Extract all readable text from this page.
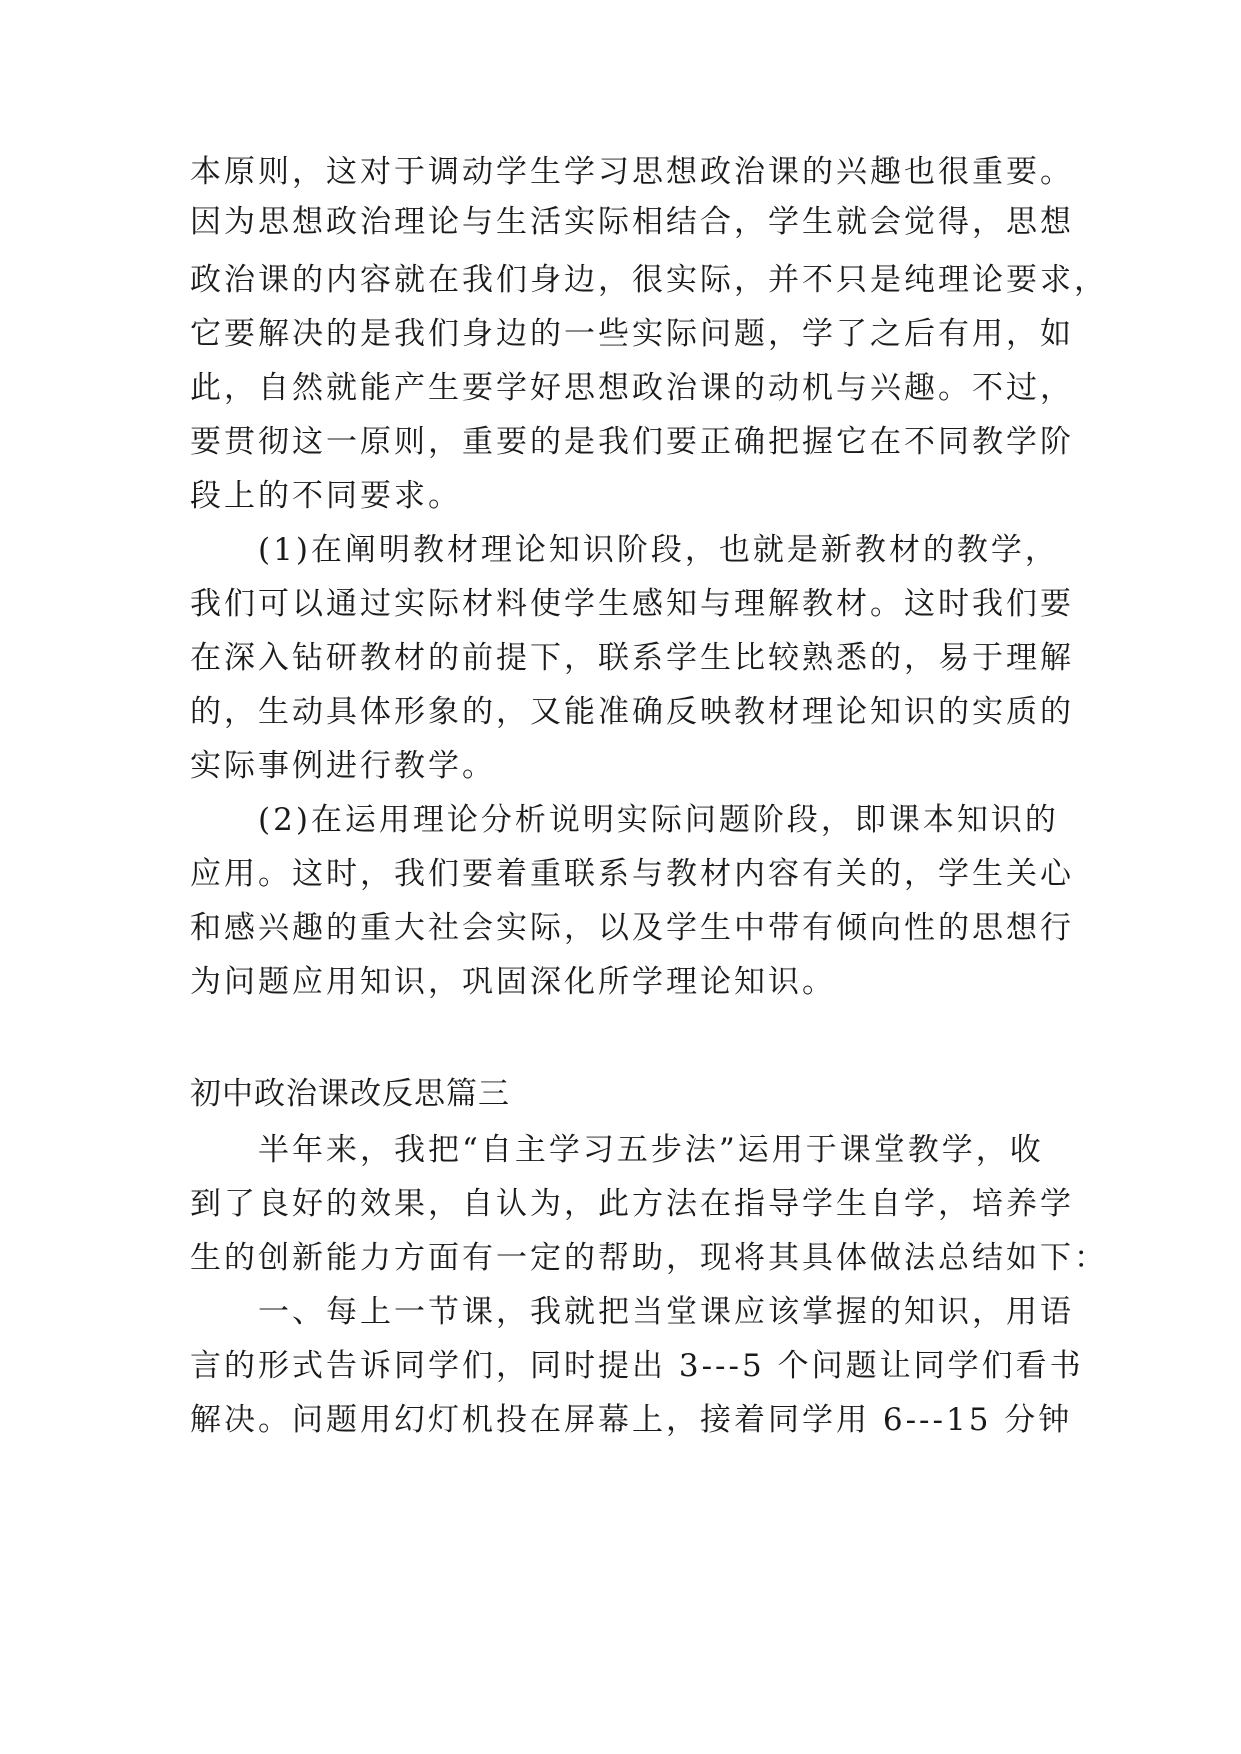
本原则，这对于调动学生学习思想政治课的兴趣也很重要。
因为思想政治理论与生活实际相结合，学生就会觉得，思想
政治课的内容就在我们身边，很实际，并不只是纯理论要求，
它要解决的是我们身边的一些实际问题，学了之后有用，如
此，自然就能产生要学好思想政治课的动机与兴趣。不过，
要贯彻这一原则，重要的是我们要正确把握它在不同教学阶
段上的不同要求。
　　(1)在阐明教材理论知识阶段，也就是新教材的教学，
我们可以通过实际材料使学生感知与理解教材。这时我们要
在深入钻研教材的前提下，联系学生比较熟悉的，易于理解
的，生动具体形象的，又能准确反映教材理论知识的实质的
实际事例进行教学。
　　(2)在运用理论分析说明实际问题阶段，即课本知识的
应用。这时，我们要着重联系与教材内容有关的，学生关心
和感兴趣的重大社会实际，以及学生中带有倾向性的思想行
为问题应用知识，巩固深化所学理论知识。
初中政治课改反思篇三
　　半年来，我把“自主学习五步法”运用于课堂教学，收
到了良好的效果，自认为，此方法在指导学生自学，培养学
生的创新能力方面有一定的帮助，现将其具体做法总结如下：
　　一、每上一节课，我就把当堂课应该掌握的知识，用语
言的形式告诉同学们，同时提出 3---5 个问题让同学们看书
解决。问题用幻灯机投在屏幕上，接着同学用 6---15 分钟
